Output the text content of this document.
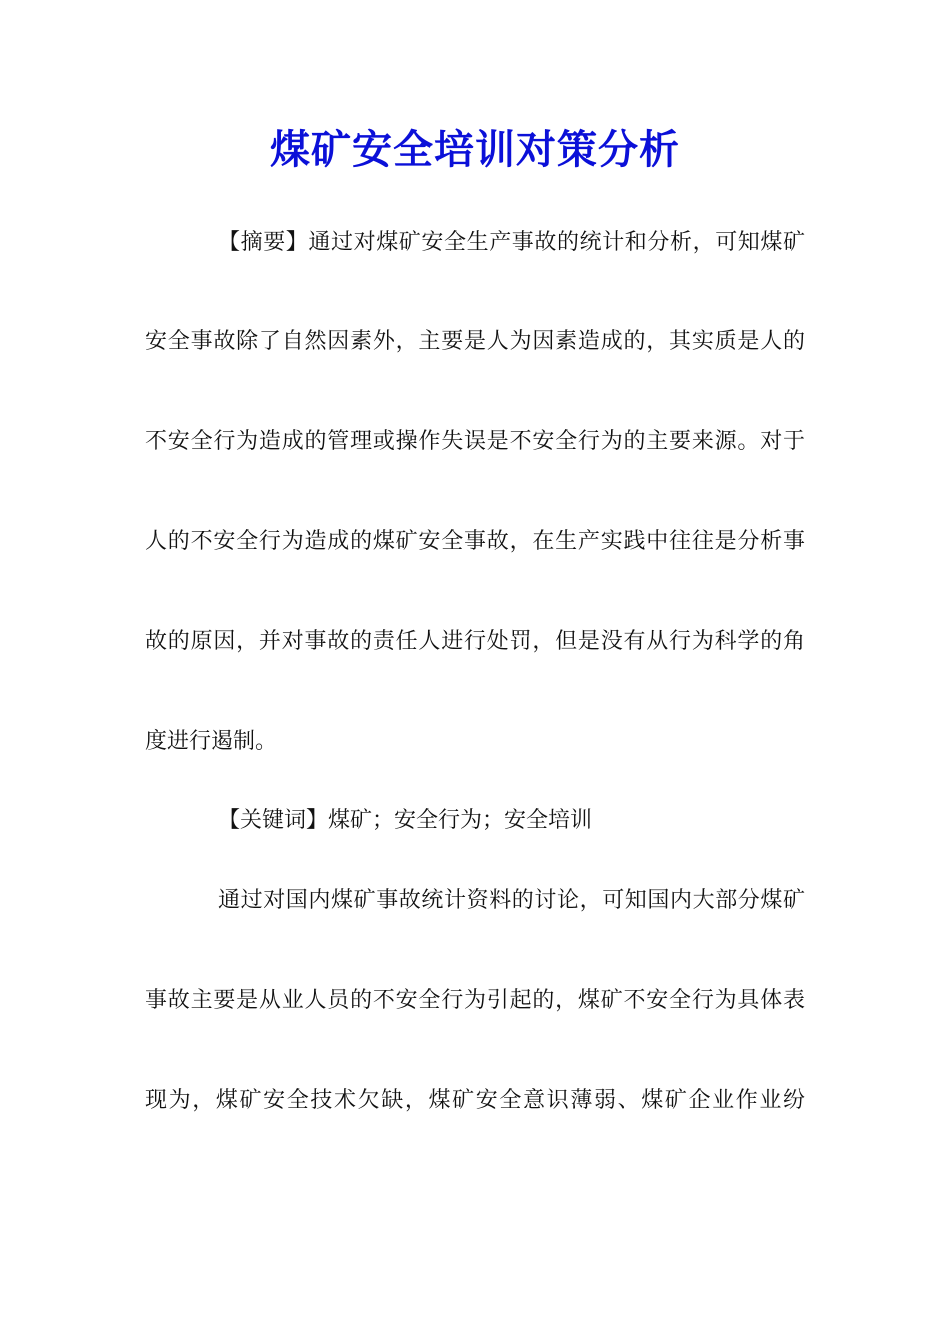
煤矿安全培训对策分析
【摘要】通过对煤矿安全生产事故的统计和分析，可知煤矿
安全事故除了自然因素外，主要是人为因素造成的，其实质是人的
不安全行为造成的管理或操作失误是不安全行为的主要来源。对于
人的不安全行为造成的煤矿安全事故，在生产实践中往往是分析事
故的原因，并对事故的责任人进行处罚，但是没有从行为科学的角
度进行遏制。
【关键词】煤矿；安全行为；安全培训
通过对国内煤矿事故统计资料的讨论，可知国内大部分煤矿
事故主要是从业人员的不安全行为引起的，煤矿不安全行为具体表
现为，煤矿安全技术欠缺，煤矿安全意识薄弱、煤矿企业作业纷
